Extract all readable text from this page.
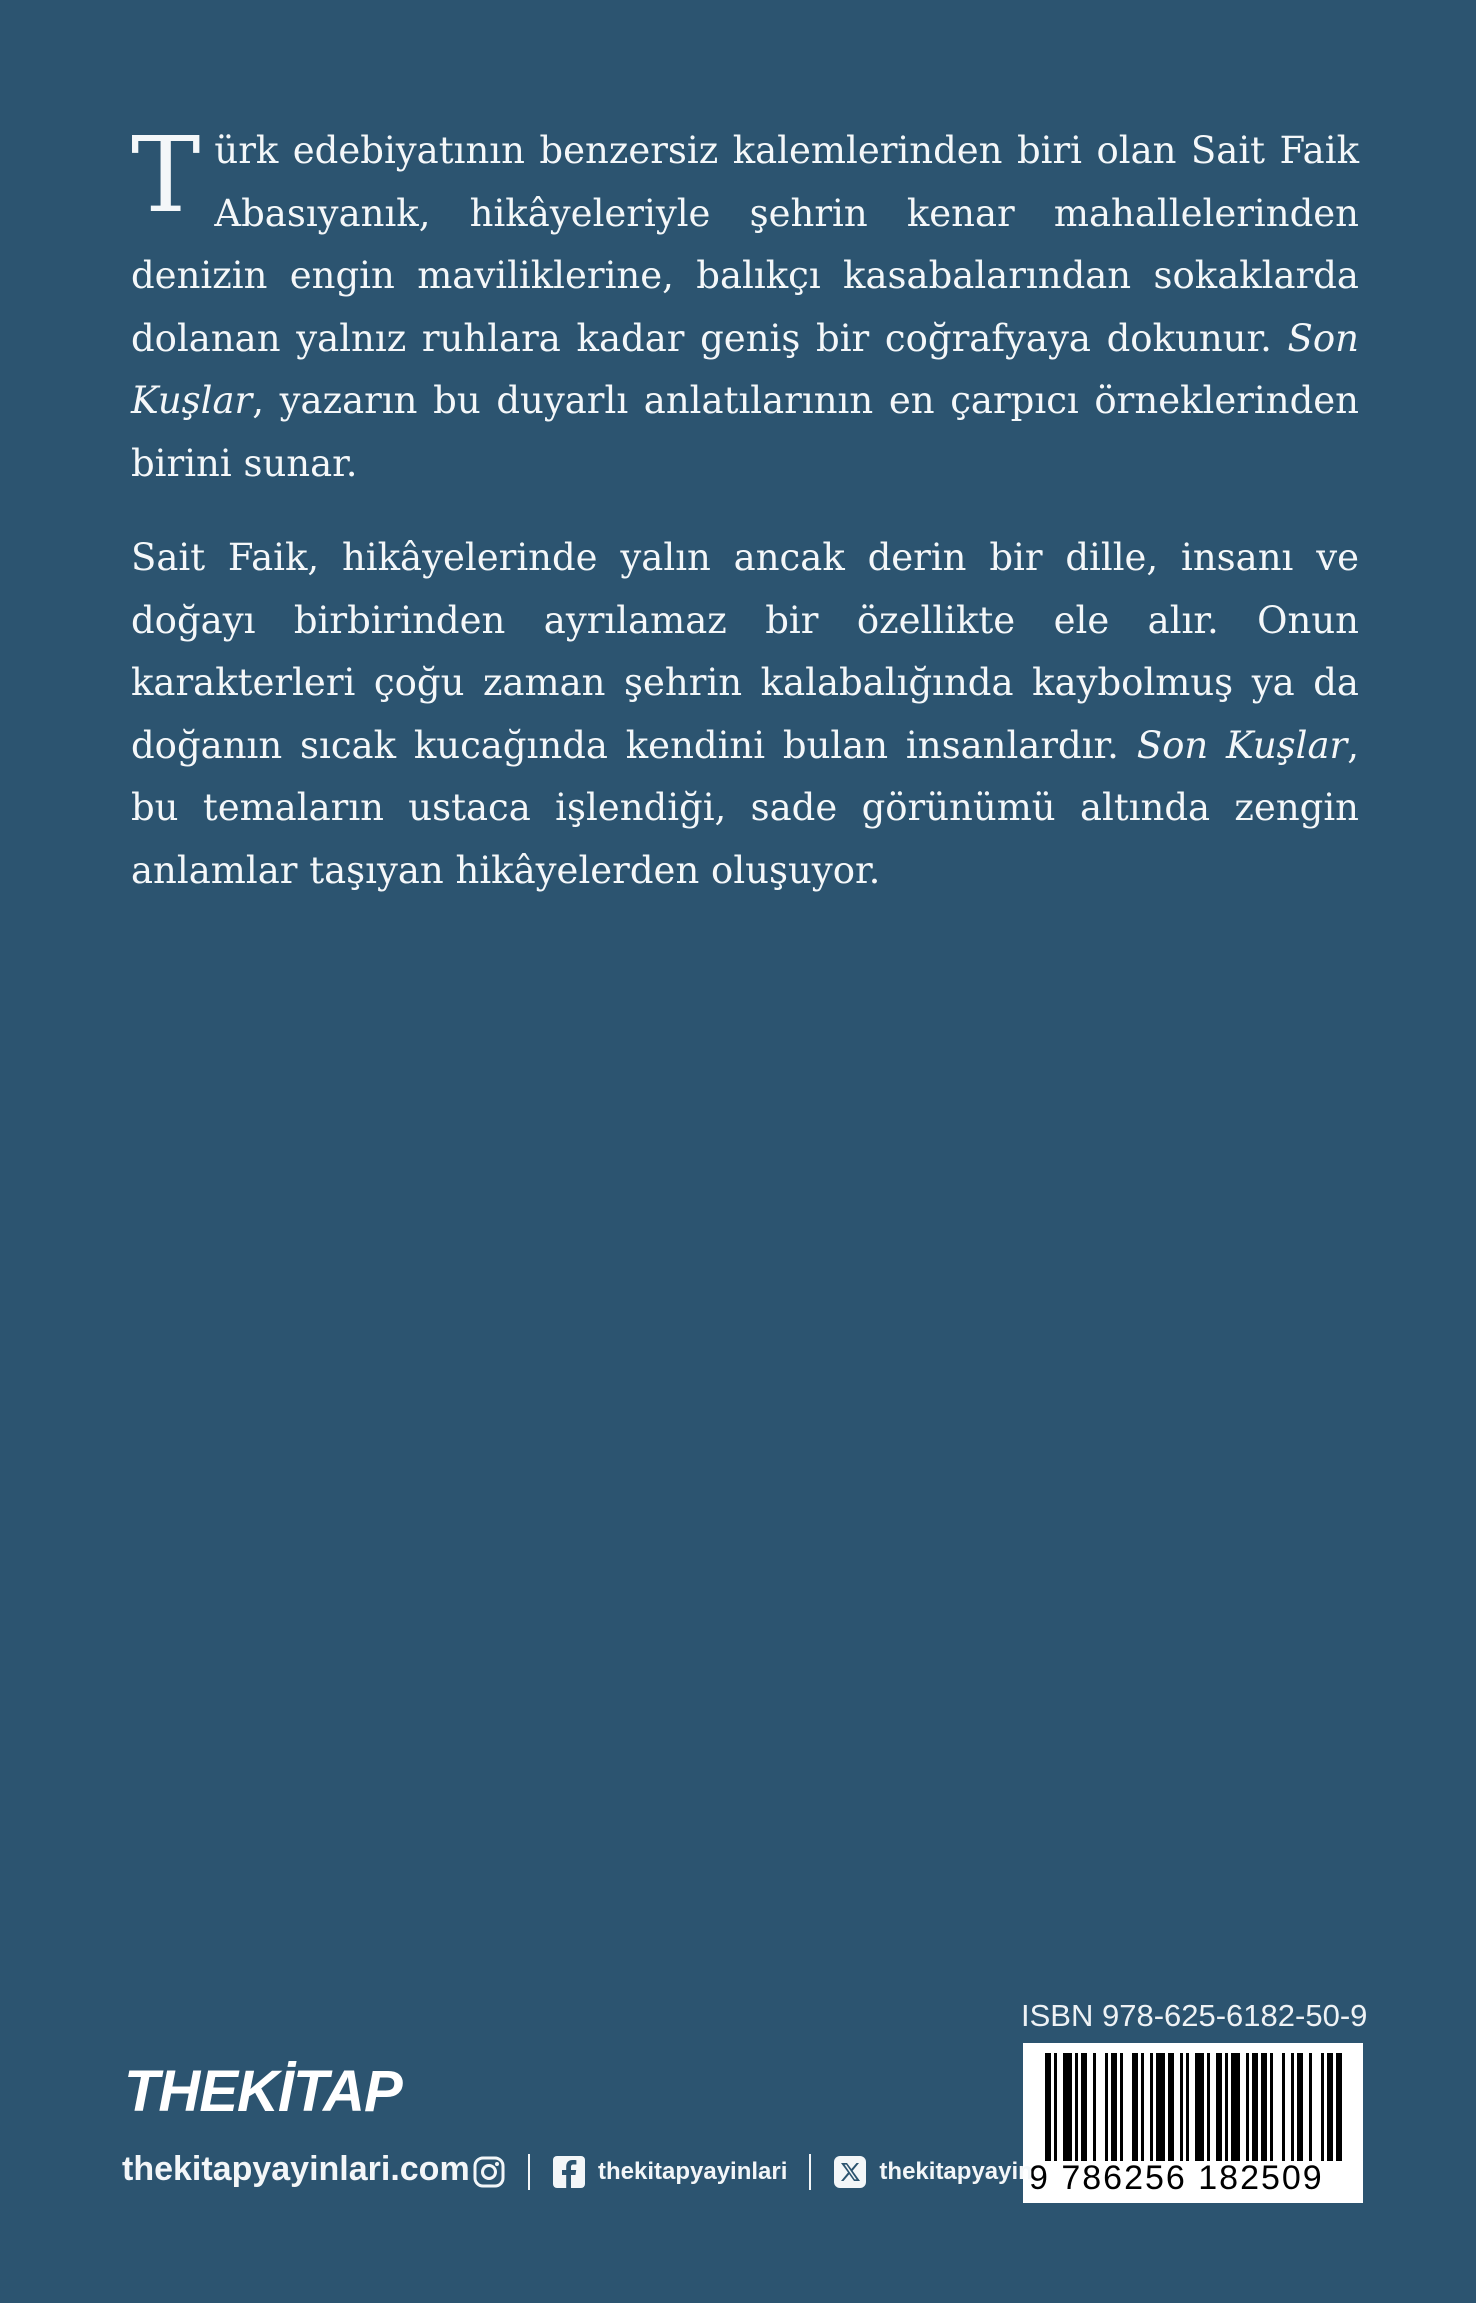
Türk edebiyatının benzersiz kalemlerinden biri olan Sait Faik Abasıyanık, hikâyeleriyle şehrin kenar mahallelerinden denizin engin maviliklerine, balıkçı kasabalarından sokaklarda dolanan yalnız ruhlara kadar geniş bir coğrafyaya dokunur. Son Kuşlar, yazarın bu duyarlı anlatılarının en çarpıcı örneklerinden birini sunar.

Sait Faik, hikâyelerinde yalın ancak derin bir dille, insanı ve doğayı birbirinden ayrılamaz bir özellikte ele alır. Onun karakterleri çoğu zaman şehrin kalabalığında kaybolmuş ya da doğanın sıcak kucağında kendini bulan insanlardır. Son Kuşlar, bu temaların ustaca işlendiği, sade görünümü altında zengin anlamlar taşıyan hikâyelerden oluşuyor.

ISBN 978-625-6182-50-9
9 786256 182509
THEKİTAP
thekitapyayinlari.com	thekitapyayinlari	thekitapyayin
